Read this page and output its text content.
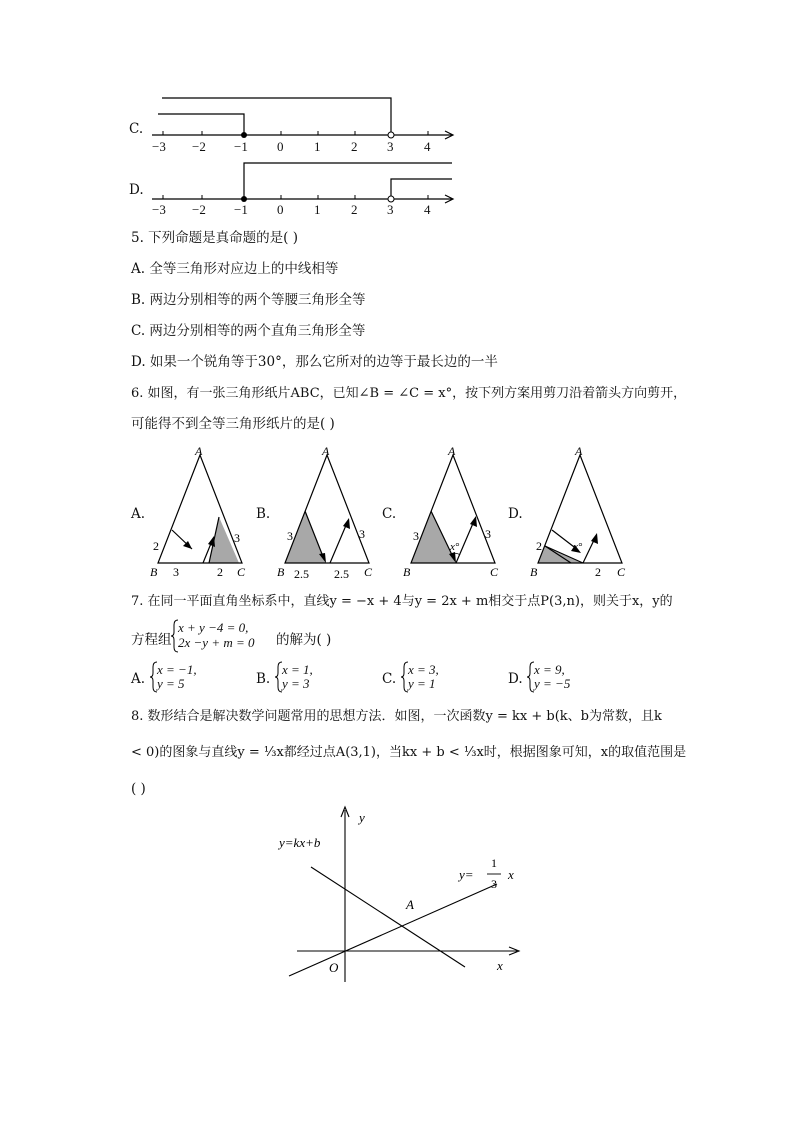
C.
−3 −2 −1 0 1 2 3 4
D.
−3 −2 −1 0 1 2 3 4
5. 下列命题是真命题的是( )
A. 全等三角形对应边上的中线相等
B. 两边分别相等的两个等腰三角形全等
C. 两边分别相等的两个直角三角形全等
D. 如果一个锐角等于30°，那么它所对的边等于最长边的一半
6. 如图，有一张三角形纸片ABC，已知∠B = ∠C = x°，按下列方案用剪刀沿着箭头方向剪开，
可能得不到全等三角形纸片的是( )
A.
A
B	C
2
3	2
3
B.
A
B	C
3
2.5 2.5
3
C.
A
B	C
3
x°
3
D.
A
B	C
2	x°
2
7. 在同一平面直角坐标系中，直线y = −x + 4与y = 2x + m相交于点P(3,n)，则关于x，y的
方程组
x + y −4 = 0,
2x −y + m = 0 的解为( )
A.
x = −1,
y = 5	B.
x = 1,
y = 3	C.
x = 3,
y = 1	D.
x = 9,
y = −5
8. 数形结合是解决数学问题常用的思想方法．如图，一次函数y = kx + b(k、b为常数，且k
< 0)的图象与直线y = ⅓x都经过点A(3,1)，当kx + b < ⅓x时，根据图象可知，x的取值范围是
( )
y
x
O
A
y=kx+b
y=
1
3
x
